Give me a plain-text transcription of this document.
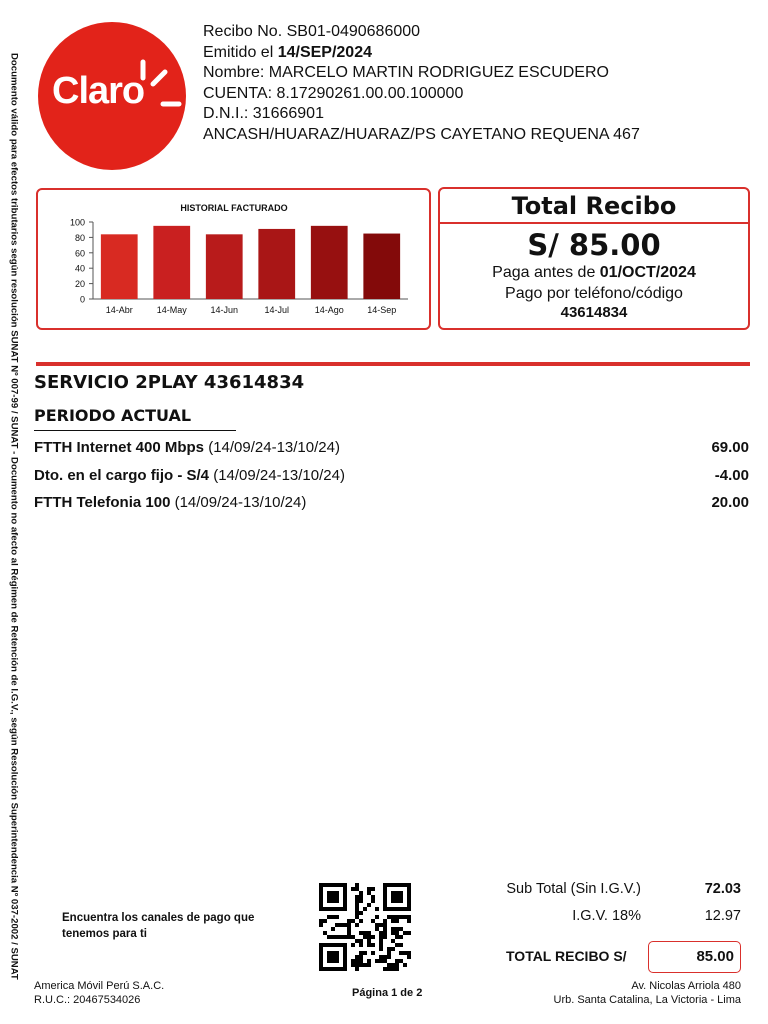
Documento válido para efectos tributarios según resolución SUNAT Nº 007-99 / SUNAT - Documento no afecto al Régimen de Retención de I.G.V., según Resolución Superintendencia Nº 037-2002 / SUNAT Claro
Recibo No. SB01-0490686000
Emitido el 14/SEP/2024
Nombre: MARCELO MARTIN RODRIGUEZ ESCUDERO
CUENTA: 8.17290261.00.00.100000
D.N.I.: 31666901
ANCASH/HUARAZ/HUARAZ/PS CAYETANO REQUENA 467
HISTORIAL FACTURADO
0
20
40
60
80
100
14-Abr	14-May	14-Jun	14-Jul	14-Ago	14-Sep
Total Recibo
S/ 85.00
Paga antes de 01/OCT/2024
Pago por teléfono/código
43614834
SERVICIO 2PLAY 43614834
PERIODO ACTUAL
FTTH Internet 400 Mbps (14/09/24-13/10/24)	69.00
Dto. en el cargo fijo - S/4 (14/09/24-13/10/24)	-4.00
FTTH Telefonia 100 (14/09/24-13/10/24)	20.00
Encuentra los canales de pago que tenemos para ti
Sub Total (Sin I.G.V.)	72.03
I.G.V. 18%	12.97
TOTAL RECIBO S/	85.00
America Móvil Perú S.A.C.
R.U.C.: 20467534026
Página 1 de 2
Av. Nicolas Arriola 480
Urb. Santa Catalina, La Victoria - Lima
